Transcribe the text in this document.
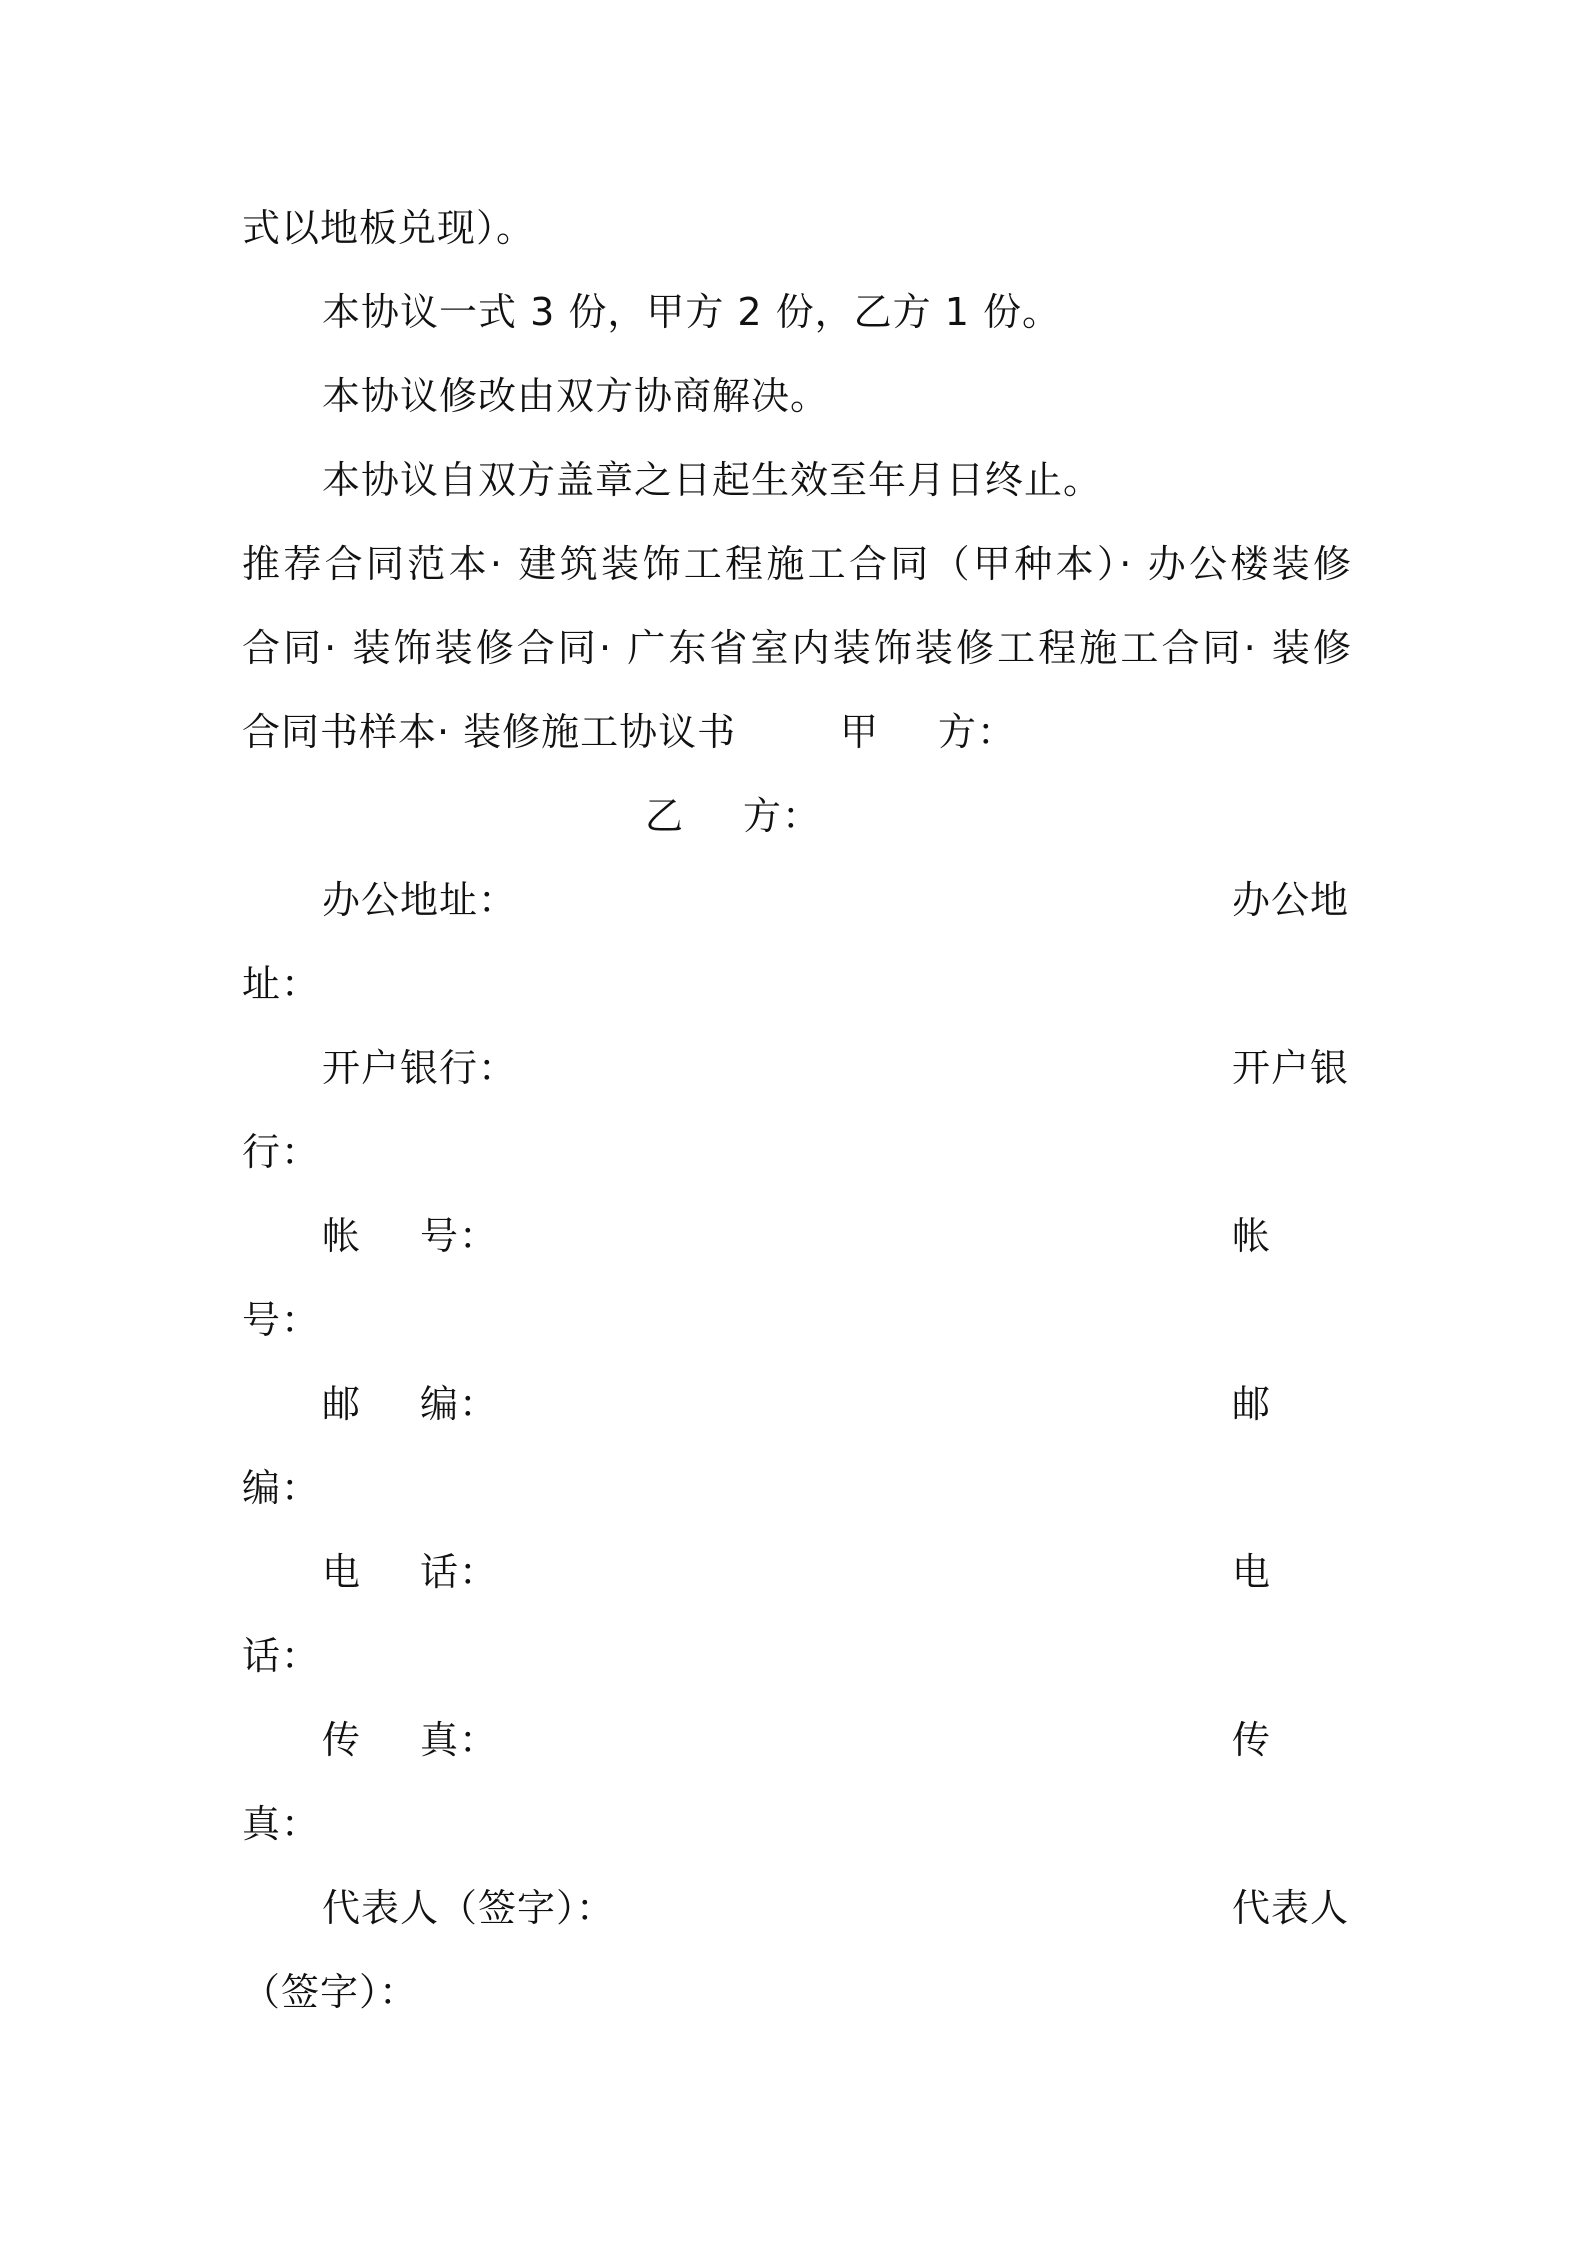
式以地板兑现）。
本协议一式 3 份，甲方 2 份，乙方 1 份。
本协议修改由双方协商解决。
本协议自双方盖章之日起生效至年月日终止。
推荐合同范本· 建筑装饰工程施工合同（甲种本）· 办公楼装修
合同· 装饰装修合同· 广东省室内装饰装修工程施工合同· 装修
合同书样本· 装修施工协议书	甲 方：
乙 方：
办公地址：	办公地
址：
开户银行：	开户银
行：
帐 号：	帐
号：
邮 编：	邮
编：
电 话：	电
话：
传 真：	传
真：
代表人（签字）：	代表人
（签字）：
